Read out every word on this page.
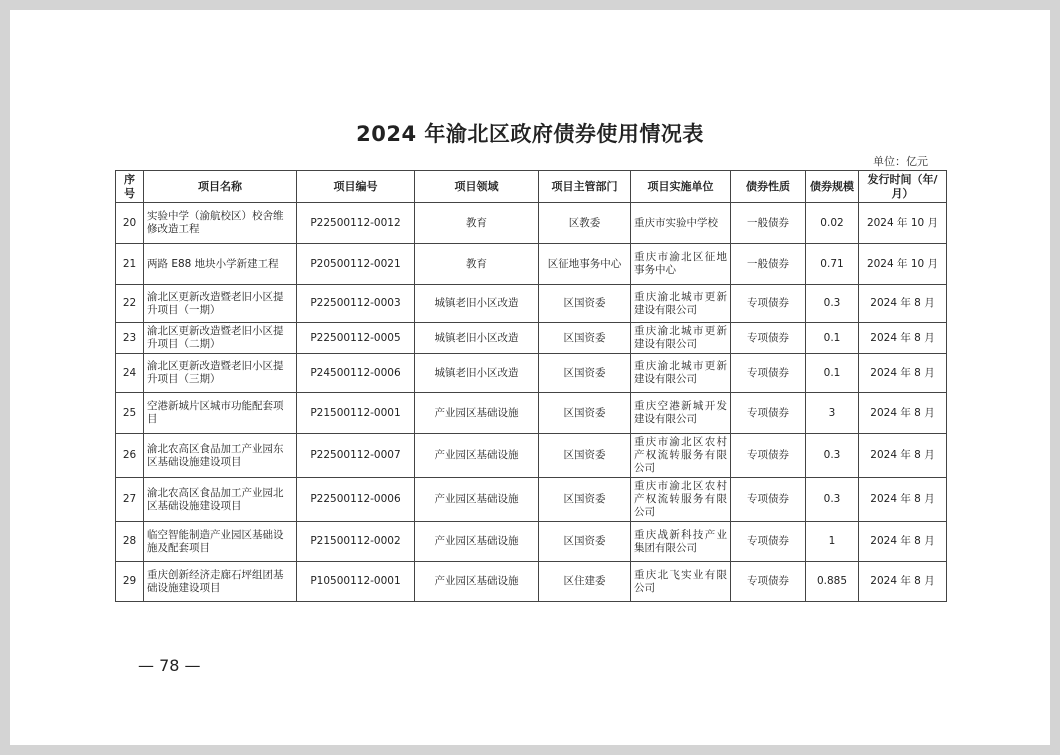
2024 年渝北区政府债券使用情况表
单位：亿元
序号	项目名称	项目编号	项目领域	项目主管部门	项目实施单位	债券性质	债券规模	发行时间（年/月）
20	实验中学（渝航校区）校舍维修改造工程	P22500112-0012	教育	区教委	重庆市实验中学校	一般债券	0.02	2024 年 10 月
21	两路 E88 地块小学新建工程	P20500112-0021	教育	区征地事务中心	重庆市渝北区征地事务中心	一般债券	0.71	2024 年 10 月
22	渝北区更新改造暨老旧小区提升项目（一期）	P22500112-0003	城镇老旧小区改造	区国资委	重庆渝北城市更新建设有限公司	专项债券	0.3	2024 年 8 月
23	渝北区更新改造暨老旧小区提升项目（二期）	P22500112-0005	城镇老旧小区改造	区国资委	重庆渝北城市更新建设有限公司	专项债券	0.1	2024 年 8 月
24	渝北区更新改造暨老旧小区提升项目（三期）	P24500112-0006	城镇老旧小区改造	区国资委	重庆渝北城市更新建设有限公司	专项债券	0.1	2024 年 8 月
25	空港新城片区城市功能配套项目	P21500112-0001	产业园区基础设施	区国资委	重庆空港新城开发建设有限公司	专项债券	3	2024 年 8 月
26	渝北农高区食品加工产业园东区基础设施建设项目	P22500112-0007	产业园区基础设施	区国资委	重庆市渝北区农村产权流转服务有限公司	专项债券	0.3	2024 年 8 月
27	渝北农高区食品加工产业园北区基础设施建设项目	P22500112-0006	产业园区基础设施	区国资委	重庆市渝北区农村产权流转服务有限公司	专项债券	0.3	2024 年 8 月
28	临空智能制造产业园区基础设施及配套项目	P21500112-0002	产业园区基础设施	区国资委	重庆战新科技产业集团有限公司	专项债券	1	2024 年 8 月
29	重庆创新经济走廊石坪组团基础设施建设项目	P10500112-0001	产业园区基础设施	区住建委	重庆北飞实业有限公司	专项债券	0.885	2024 年 8 月
— 78 —
